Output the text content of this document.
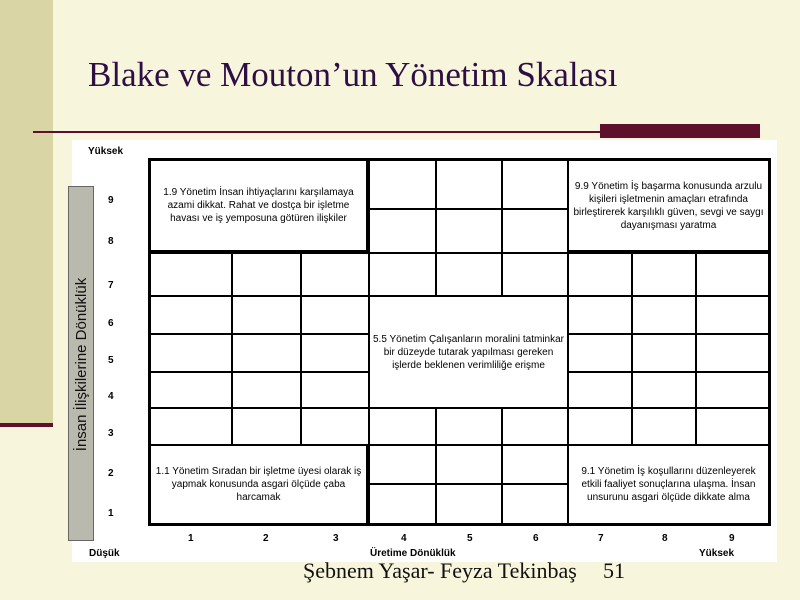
Blake ve Mouton’un Yönetim Skalası
İnsan İlişkilerine Dönüklük
Yüksek
Düşük	Üretime Dönüklük	Yüksek
9
8
7
6
5
4
3
2
1
1	2	3	4	5	6	7	8	9
1.9 Yönetim İnsan ihtiyaçlarını karşılamaya azami dikkat. Rahat ve dostça bir işletme havası ve iş yemposuna götüren ilişkiler
9.9 Yönetim İş başarma konusunda arzulu kişileri işletmenin amaçları etrafında birleştirerek karşılıklı güven, sevgi ve saygı dayanışması yaratma
5.5 Yönetim Çalışanların moralini tatminkar bir düzeyde tutarak yapılması gereken işlerde beklenen verimliliğe erişme
1.1 Yönetim Sıradan bir işletme üyesi olarak iş yapmak konusunda asgari ölçüde çaba harcamak
9.1 Yönetim İş koşullarını düzenleyerek etkili faaliyet sonuçlarına ulaşma. İnsan unsurunu asgari ölçüde dikkate alma
Şebnem Yaşar- Feyza Tekinbaş 51
